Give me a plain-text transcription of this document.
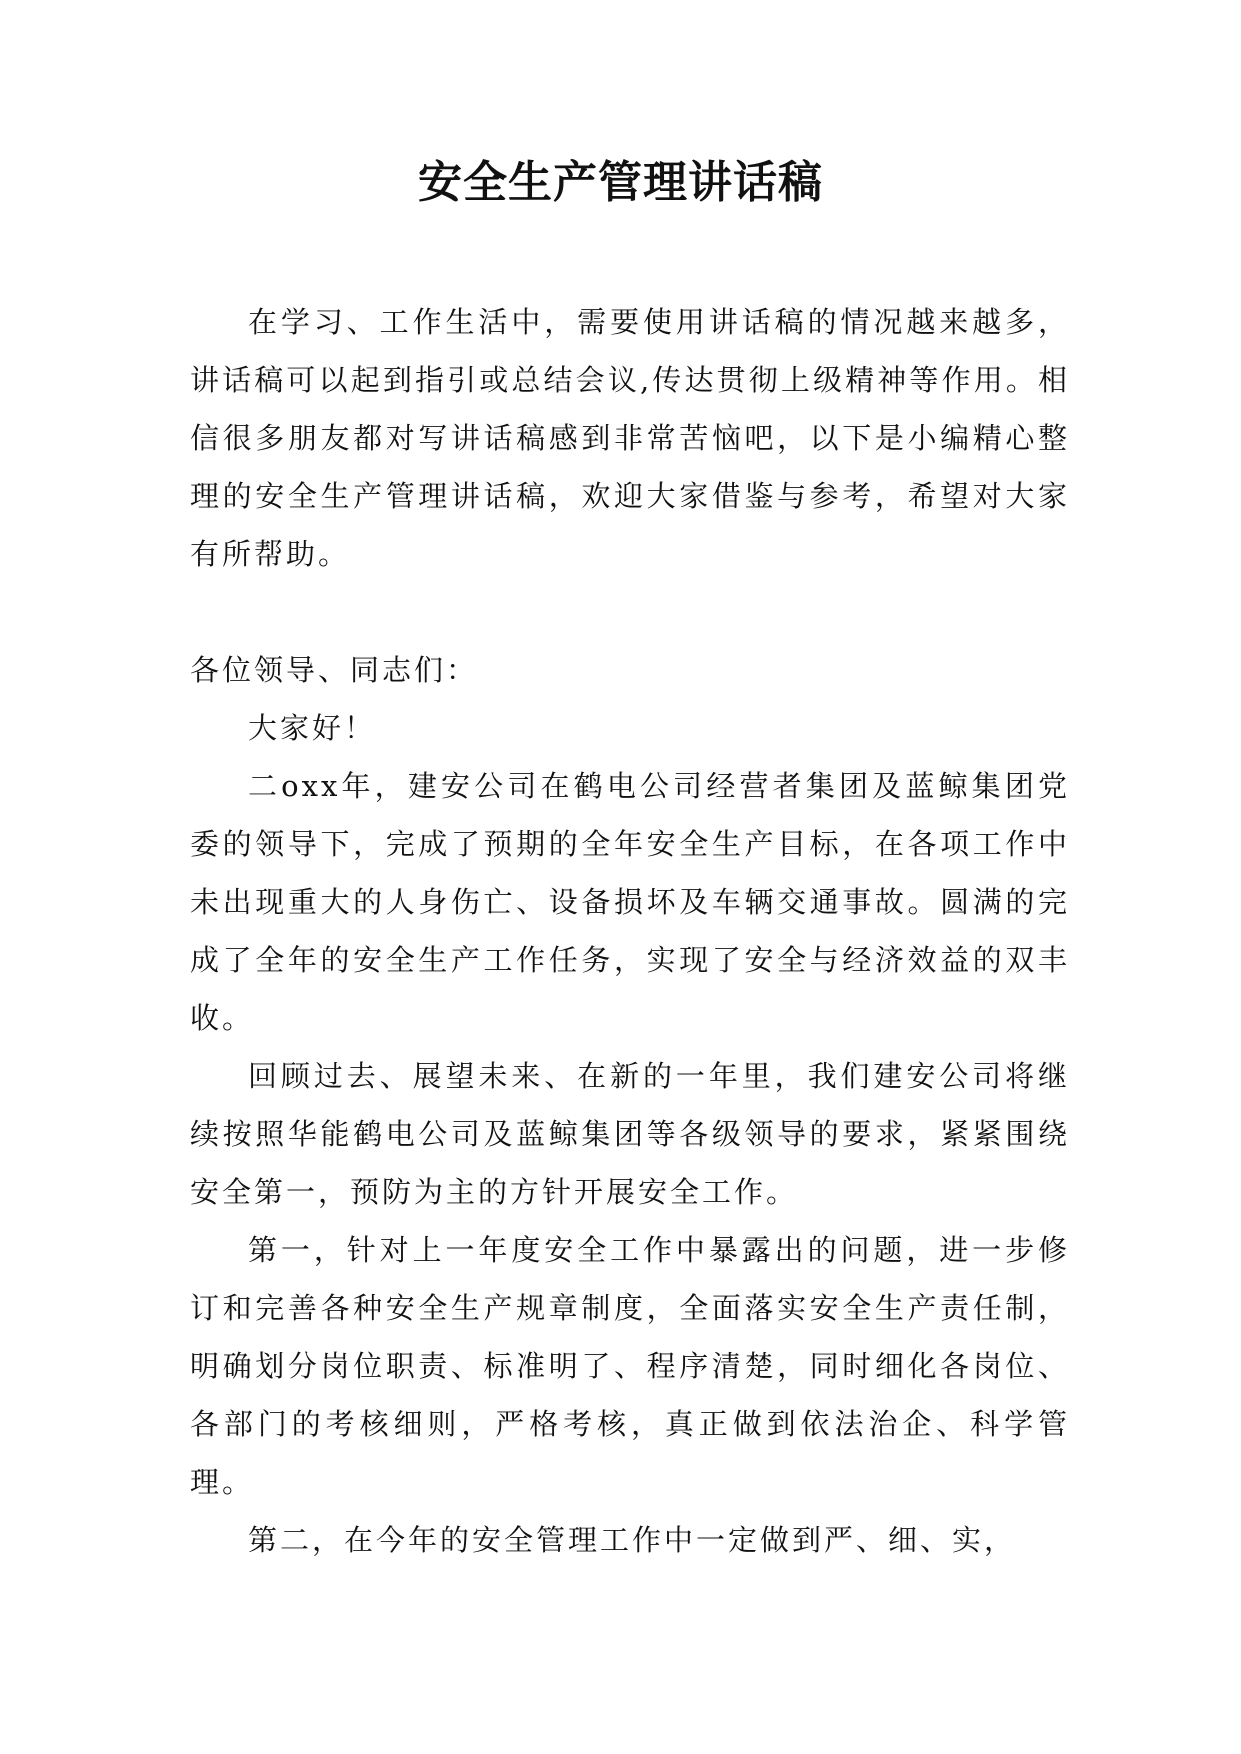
安全生产管理讲话稿

在学习、工作生活中，需要使用讲话稿的情况越来越多，讲话稿可以起到指引或总结会议,传达贯彻上级精神等作用。相信很多朋友都对写讲话稿感到非常苦恼吧，以下是小编精心整理的安全生产管理讲话稿，欢迎大家借鉴与参考，希望对大家有所帮助。

各位领导、同志们：

大家好！

二oxx年，建安公司在鹤电公司经营者集团及蓝鲸集团党委的领导下，完成了预期的全年安全生产目标，在各项工作中未出现重大的人身伤亡、设备损坏及车辆交通事故。圆满的完成了全年的安全生产工作任务，实现了安全与经济效益的双丰收。

回顾过去、展望未来、在新的一年里，我们建安公司将继续按照华能鹤电公司及蓝鲸集团等各级领导的要求，紧紧围绕安全第一，预防为主的方针开展安全工作。

第一，针对上一年度安全工作中暴露出的问题，进一步修订和完善各种安全生产规章制度，全面落实安全生产责任制，明确划分岗位职责、标准明了、程序清楚，同时细化各岗位、各部门的考核细则，严格考核，真正做到依法治企、科学管理。

第二，在今年的安全管理工作中一定做到严、细、实，
